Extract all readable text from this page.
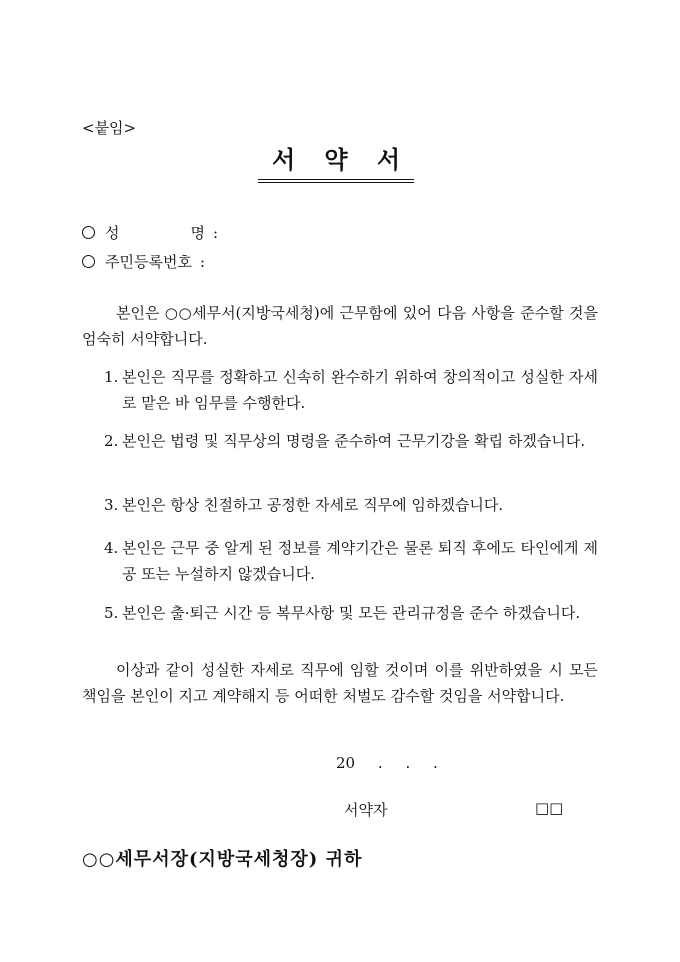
<붙임>
서 약 서
성	명 :
주민등록번호 :
본인은 ○○세무서(지방국세청)에 근무함에 있어 다음 사항을 준수할 것을 엄숙히 서약합니다.
1. 본인은 직무를 정확하고 신속히 완수하기 위하여 창의적이고 성실한 자세로 맡은 바 임무를 수행한다.
2. 본인은 법령 및 직무상의 명령을 준수하여 근무기강을 확립 하겠습니다.
3. 본인은 항상 친절하고 공정한 자세로 직무에 임하겠습니다.
4. 본인은 근무 중 알게 된 정보를 계약기간은 물론 퇴직 후에도 타인에게 제공 또는 누설하지 않겠습니다.
5. 본인은 출·퇴근 시간 등 복무사항 및 모든 관리규정을 준수 하겠습니다.
이상과 같이 성실한 자세로 직무에 임할 것이며 이를 위반하였을 시 모든 책임을 본인이 지고 계약해지 등 어떠한 처벌도 감수할 것임을 서약합니다.
20 . . .
서약자	□□
○○세무서장(지방국세청장) 귀하
